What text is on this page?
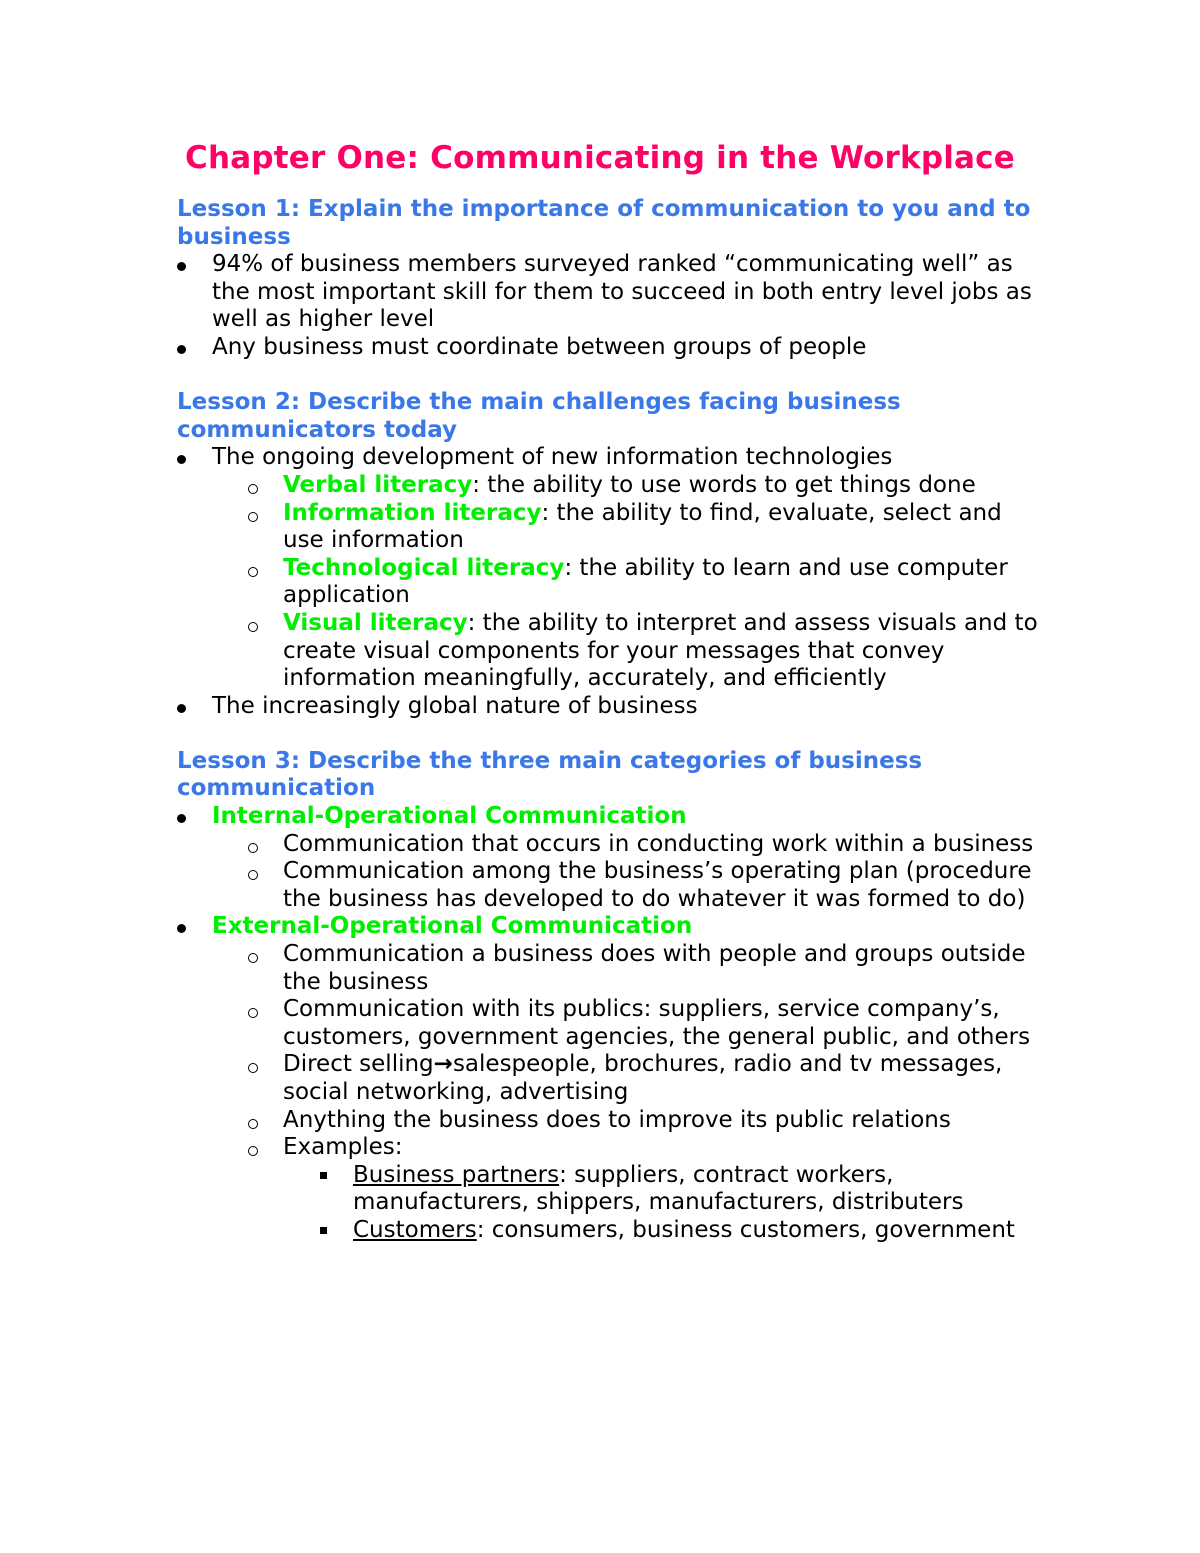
Chapter One: Communicating in the Workplace
Lesson 1: Explain the importance of communication to you and to business
94% of business members surveyed ranked “communicating well” as the most important skill for them to succeed in both entry level jobs as well as higher level
Any business must coordinate between groups of people
Lesson 2: Describe the main challenges facing business communicators today
The ongoing development of new information technologies
Verbal literacy: the ability to use words to get things done
Information literacy: the ability to find, evaluate, select and use information
Technological literacy: the ability to learn and use computer application
Visual literacy: the ability to interpret and assess visuals and to create visual components for your messages that convey information meaningfully, accurately, and efficiently
The increasingly global nature of business
Lesson 3: Describe the three main categories of business communication
Internal-Operational Communication
Communication that occurs in conducting work within a business
Communication among the business’s operating plan (procedure the business has developed to do whatever it was formed to do)
External-Operational Communication
Communication a business does with people and groups outside the business
Communication with its publics: suppliers, service company’s, customers, government agencies, the general public, and others
Direct selling→salespeople, brochures, radio and tv messages, social networking, advertising
Anything the business does to improve its public relations
Examples:
Business partners: suppliers, contract workers, manufacturers, shippers, manufacturers, distributers
Customers: consumers, business customers, government
